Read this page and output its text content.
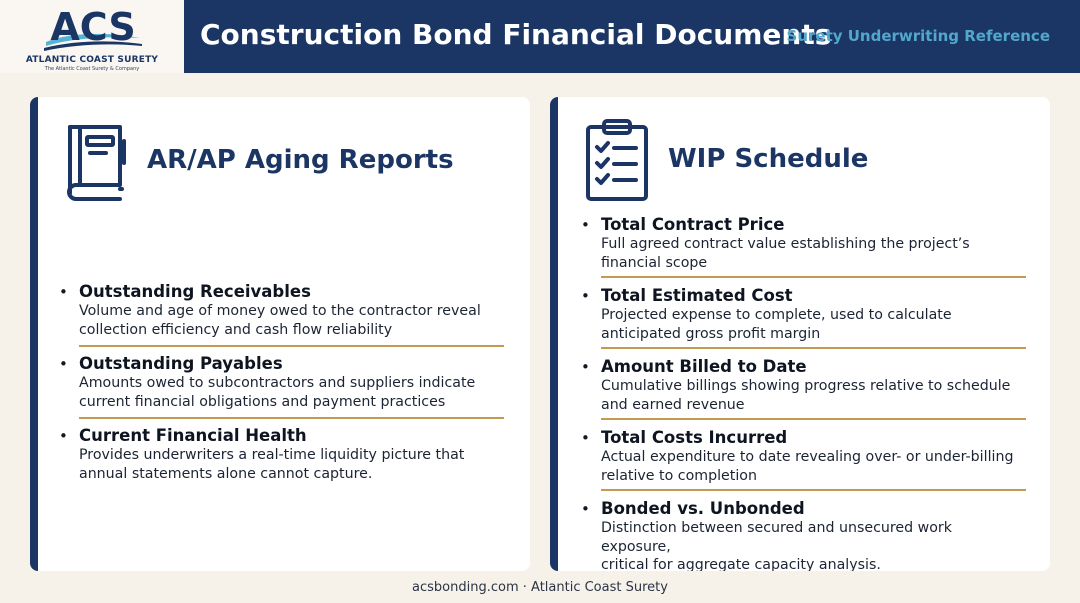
ACS
ATLANTIC COAST SURETY
The Atlantic Coast Surety & Company
Construction Bond Financial Documents
Surety Underwriting Reference
AR/AP Aging Reports
• Outstanding Receivables
Volume and age of money owed to the contractor reveal
collection efficiency and cash flow reliability
• Outstanding Payables
Amounts owed to subcontractors and suppliers indicate
current financial obligations and payment practices
• Current Financial Health
Provides underwriters a real-time liquidity picture that
annual statements alone cannot capture.
WIP Schedule
• Total Contract Price
Full agreed contract value establishing the project’s
financial scope
• Total Estimated Cost
Projected expense to complete, used to calculate
anticipated gross profit margin
• Amount Billed to Date
Cumulative billings showing progress relative to schedule
and earned revenue
• Total Costs Incurred
Actual expenditure to date revealing over- or under-billing
relative to completion
• Bonded vs. Unbonded
Distinction between secured and unsecured work exposure,
critical for aggregate capacity analysis.
acsbonding.com · Atlantic Coast Surety
